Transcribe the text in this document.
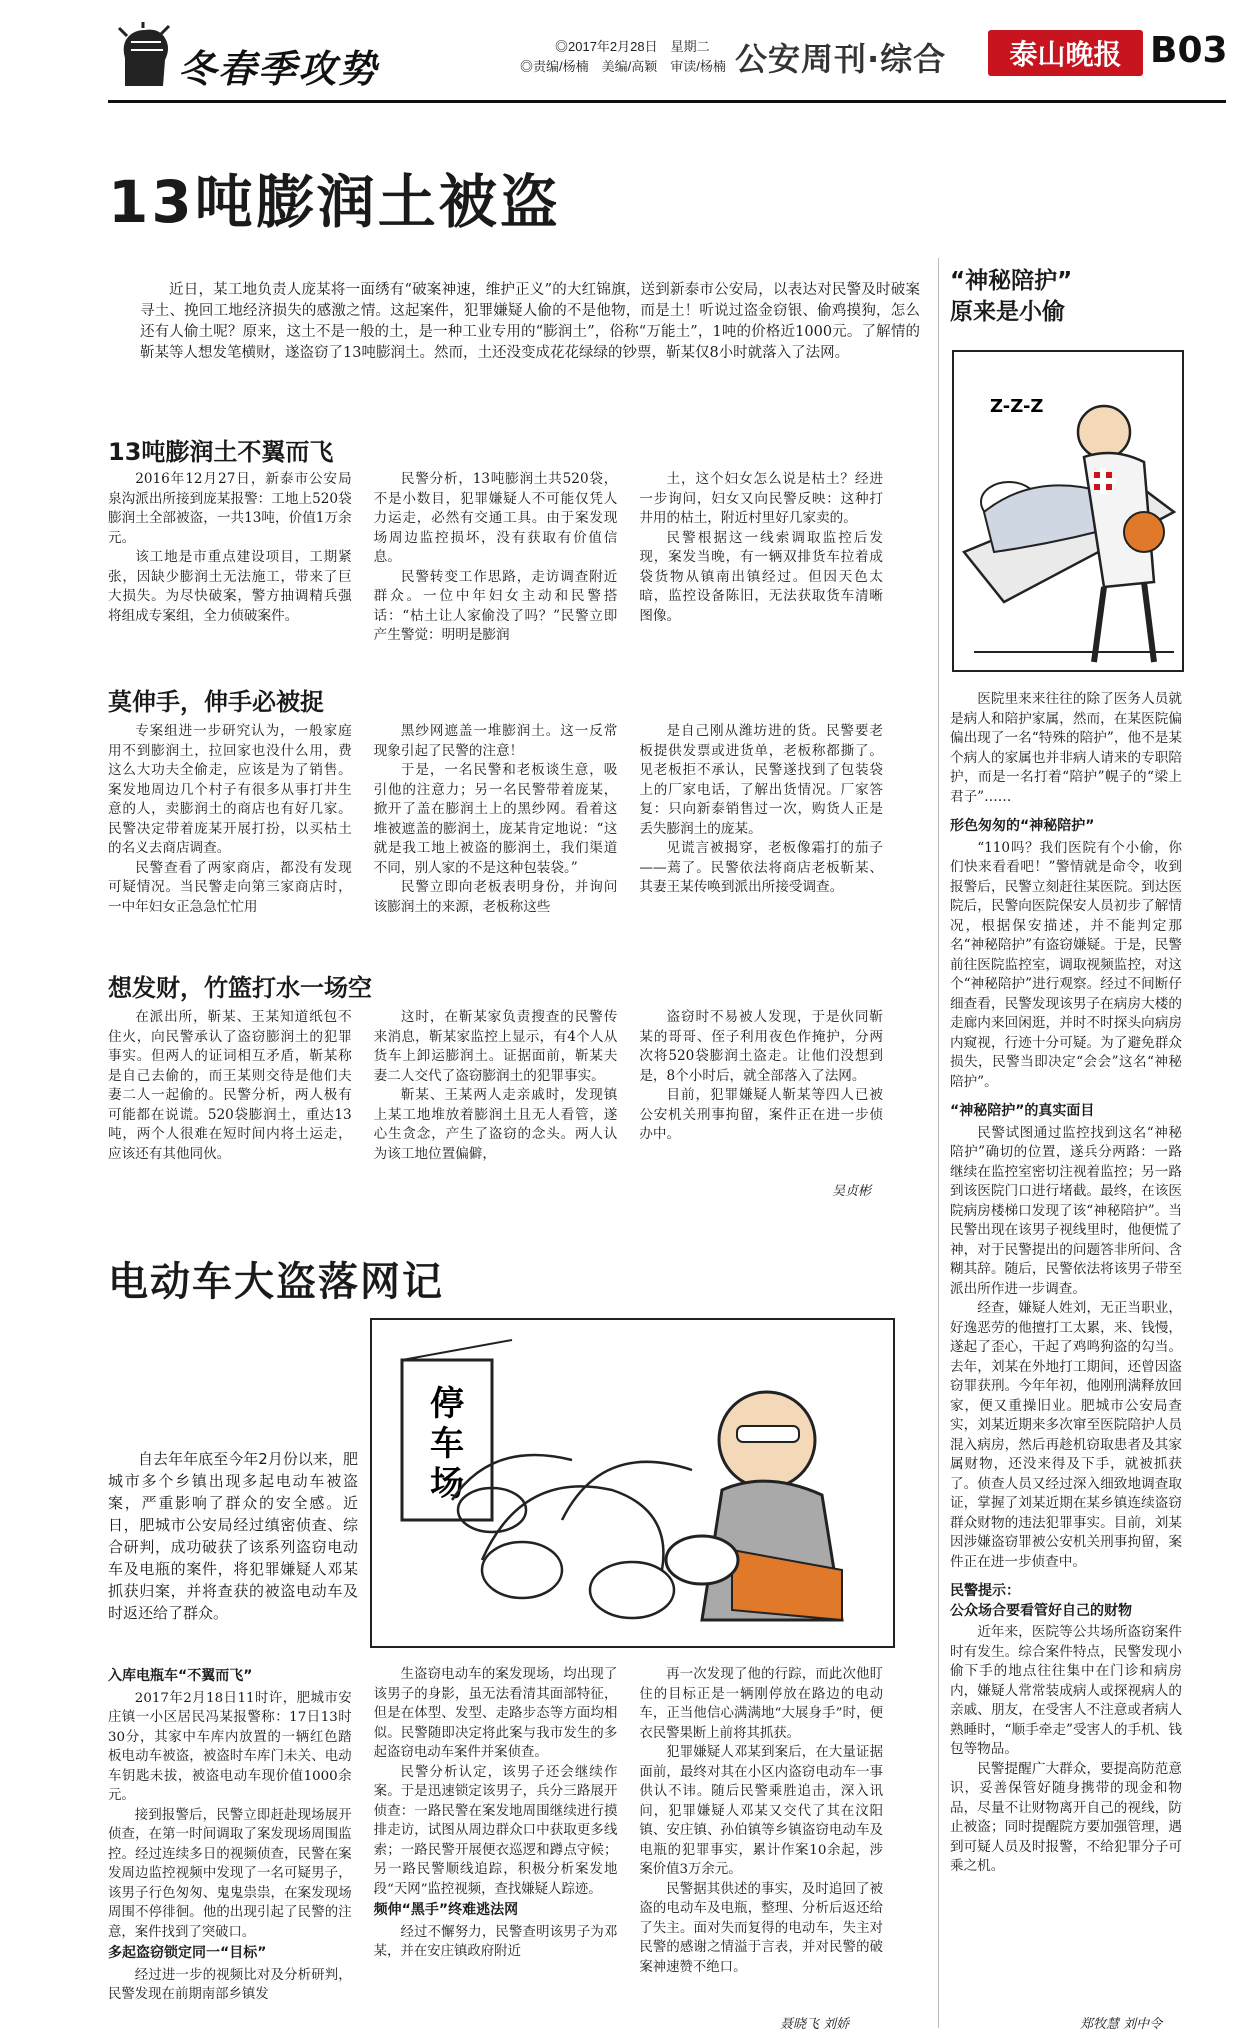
冬春季攻势
◎2017年2月28日　星期二
◎责编/杨楠　美编/高颖　审读/杨楠 公安周刊·综合	泰山晚报 B03
13吨膨润土被盗
近日，某工地负责人庞某将一面绣有“破案神速，维护正义”的大红锦旗，送到新泰市公安局，以表达对民警及时破案寻土、挽回工地经济损失的感激之情。这起案件，犯罪嫌疑人偷的不是他物，而是土！听说过盗金窃银、偷鸡摸狗，怎么还有人偷土呢？原来，这土不是一般的土，是一种工业专用的“膨润土”，俗称“万能土”，1吨的价格近1000元。了解情的靳某等人想发笔横财，遂盗窃了13吨膨润土。然而，土还没变成花花绿绿的钞票，靳某仅8小时就落入了法网。
13吨膨润土不翼而飞

2016年12月27日，新泰市公安局泉沟派出所接到庞某报警：工地上520袋膨润土全部被盗，一共13吨，价值1万余元。

该工地是市重点建设项目，工期紧张，因缺少膨润土无法施工，带来了巨大损失。为尽快破案，警方抽调精兵强将组成专案组，全力侦破案件。

民警分析，13吨膨润土共520袋，不是小数目，犯罪嫌疑人不可能仅凭人力运走，必然有交通工具。由于案发现场周边监控损坏，没有获取有价值信息。

民警转变工作思路，走访调查附近群众。一位中年妇女主动和民警搭话：“枯土让人家偷没了吗？”民警立即产生警觉：明明是膨润

土，这个妇女怎么说是枯土？经进一步询问，妇女又向民警反映：这种打井用的枯土，附近村里好几家卖的。

民警根据这一线索调取监控后发现，案发当晚，有一辆双排货车拉着成袋货物从镇南出镇经过。但因天色太暗，监控设备陈旧，无法获取货车清晰图像。

莫伸手，伸手必被捉

专案组进一步研究认为，一般家庭用不到膨润土，拉回家也没什么用，费这么大功夫全偷走，应该是为了销售。案发地周边几个村子有很多从事打井生意的人，卖膨润土的商店也有好几家。民警决定带着庞某开展打扮，以买枯土的名义去商店调查。

民警查看了两家商店，都没有发现可疑情况。当民警走向第三家商店时，一中年妇女正急急忙忙用

黑纱网遮盖一堆膨润土。这一反常现象引起了民警的注意！

于是，一名民警和老板谈生意，吸引他的注意力；另一名民警带着庞某，掀开了盖在膨润土上的黑纱网。看着这堆被遮盖的膨润土，庞某肯定地说：“这就是我工地上被盗的膨润土，我们渠道不同，别人家的不是这种包装袋。”

民警立即向老板表明身份，并询问该膨润土的来源，老板称这些

是自己刚从潍坊进的货。民警要老板提供发票或进货单，老板称都撕了。见老板拒不承认，民警遂找到了包装袋上的厂家电话，了解出货情况。厂家答复：只向新泰销售过一次，购货人正是丢失膨润土的庞某。

见谎言被揭穿，老板像霜打的茄子——蔫了。民警依法将商店老板靳某、其妻王某传唤到派出所接受调查。

想发财，竹篮打水一场空

在派出所，靳某、王某知道纸包不住火，向民警承认了盗窃膨润土的犯罪事实。但两人的证词相互矛盾，靳某称是自己去偷的，而王某则交待是他们夫妻二人一起偷的。民警分析，两人极有可能都在说谎。520袋膨润土，重达13吨，两个人很难在短时间内将土运走，应该还有其他同伙。

这时，在靳某家负责搜查的民警传来消息，靳某家监控上显示，有4个人从货车上卸运膨润土。证据面前，靳某夫妻二人交代了盗窃膨润土的犯罪事实。

靳某、王某两人走亲戚时，发现镇上某工地堆放着膨润土且无人看管，遂心生贪念，产生了盗窃的念头。两人认为该工地位置偏僻，

盗窃时不易被人发现，于是伙同靳某的哥哥、侄子利用夜色作掩护，分两次将520袋膨润土盗走。让他们没想到是，8个小时后，就全部落入了法网。

目前，犯罪嫌疑人靳某等四人已被公安机关刑事拘留，案件正在进一步侦办中。

吴贞彬
电动车大盗落网记
停车场
自去年年底至今年2月份以来，肥城市多个乡镇出现多起电动车被盗案，严重影响了群众的安全感。近日，肥城市公安局经过缜密侦查、综合研判，成功破获了该系列盗窃电动车及电瓶的案件，将犯罪嫌疑人邓某抓获归案，并将查获的被盗电动车及时返还给了群众。
入库电瓶车“不翼而飞”

2017年2月18日11时许，肥城市安庄镇一小区居民冯某报警称：17日13时30分，其家中车库内放置的一辆红色踏板电动车被盗，被盗时车库门未关、电动车钥匙未拔，被盗电动车现价值1000余元。

接到报警后，民警立即赶赴现场展开侦查，在第一时间调取了案发现场周围监控。经过连续多日的视频侦查，民警在案发周边监控视频中发现了一名可疑男子，该男子行色匆匆、鬼鬼祟祟，在案发现场周围不停徘徊。他的出现引起了民警的注意，案件找到了突破口。

多起盗窃锁定同一“目标”

经过进一步的视频比对及分析研判，民警发现在前期南部乡镇发

生盗窃电动车的案发现场，均出现了该男子的身影，虽无法看清其面部特征，但是在体型、发型、走路步态等方面均相似。民警随即决定将此案与我市发生的多起盗窃电动车案件并案侦查。

民警分析认定，该男子还会继续作案。于是迅速锁定该男子，兵分三路展开侦查：一路民警在案发地周围继续进行摸排走访，试图从周边群众口中获取更多线索；一路民警开展便衣巡逻和蹲点守候；另一路民警顺线追踪，积极分析案发地段“天网”监控视频，查找嫌疑人踪迹。

频伸“黑手”终难逃法网

经过不懈努力，民警查明该男子为邓某，并在安庄镇政府附近

再一次发现了他的行踪，而此次他盯住的目标正是一辆刚停放在路边的电动车，正当他信心满满地“大展身手”时，便衣民警果断上前将其抓获。

犯罪嫌疑人邓某到案后，在大量证据面前，最终对其在小区内盗窃电动车一事供认不讳。随后民警乘胜追击，深入讯问，犯罪嫌疑人邓某又交代了其在汶阳镇、安庄镇、孙伯镇等乡镇盗窃电动车及电瓶的犯罪事实，累计作案10余起，涉案价值3万余元。

民警据其供述的事实，及时追回了被盗的电动车及电瓶，整理、分析后返还给了失主。面对失而复得的电动车，失主对民警的感谢之情溢于言表，并对民警的破案神速赞不绝口。

聂晓飞 刘娇
“神秘陪护”
原来是小偷
Z-Z-Z

医院里来来往往的除了医务人员就是病人和陪护家属，然而，在某医院偏偏出现了一名“特殊的陪护”，他不是某个病人的家属也并非病人请来的专职陪护，而是一名打着“陪护”幌子的“梁上君子”……

形色匆匆的“神秘陪护”

“110吗？我们医院有个小偷，你们快来看看吧！”警情就是命令，收到报警后，民警立刻赶往某医院。到达医院后，民警向医院保安人员初步了解情况，根据保安描述，并不能判定那名“神秘陪护”有盗窃嫌疑。于是，民警前往医院监控室，调取视频监控，对这个“神秘陪护”进行观察。经过不间断仔细查看，民警发现该男子在病房大楼的走廊内来回闲逛，并时不时探头向病房内窥视，行迹十分可疑。为了避免群众损失，民警当即决定“会会”这名“神秘陪护”。

“神秘陪护”的真实面目

民警试图通过监控找到这名“神秘陪护”确切的位置，遂兵分两路：一路继续在监控室密切注视着监控；另一路到该医院门口进行堵截。最终，在该医院病房楼梯口发现了该“神秘陪护”。当民警出现在该男子视线里时，他便慌了神，对于民警提出的问题答非所问、含糊其辞。随后，民警依法将该男子带至派出所作进一步调查。

经查，嫌疑人姓刘，无正当职业，好逸恶劳的他擅打工太累，来、钱慢，遂起了歪心，干起了鸡鸣狗盗的勾当。去年，刘某在外地打工期间，还曾因盗窃罪获刑。今年年初，他刚刑满释放回家，便又重操旧业。肥城市公安局查实，刘某近期来多次窜至医院陪护人员混入病房，然后再趁机窃取患者及其家属财物，还没来得及下手，就被抓获了。侦查人员又经过深入细致地调查取证，掌握了刘某近期在某乡镇连续盗窃群众财物的违法犯罪事实。目前，刘某因涉嫌盗窃罪被公安机关刑事拘留，案件正在进一步侦查中。

民警提示：
公众场合要看管好自己的财物

近年来，医院等公共场所盗窃案件时有发生。综合案件特点，民警发现小偷下手的地点往往集中在门诊和病房内，嫌疑人常常装成病人或探视病人的亲戚、朋友，在受害人不注意或者病人熟睡时，“顺手牵走”受害人的手机、钱包等物品。

民警提醒广大群众，要提高防范意识，妥善保管好随身携带的现金和物品，尽量不让财物离开自己的视线，防止被盗；同时提醒院方要加强管理，遇到可疑人员及时报警，不给犯罪分子可乘之机。

郑牧慧 刘中令
